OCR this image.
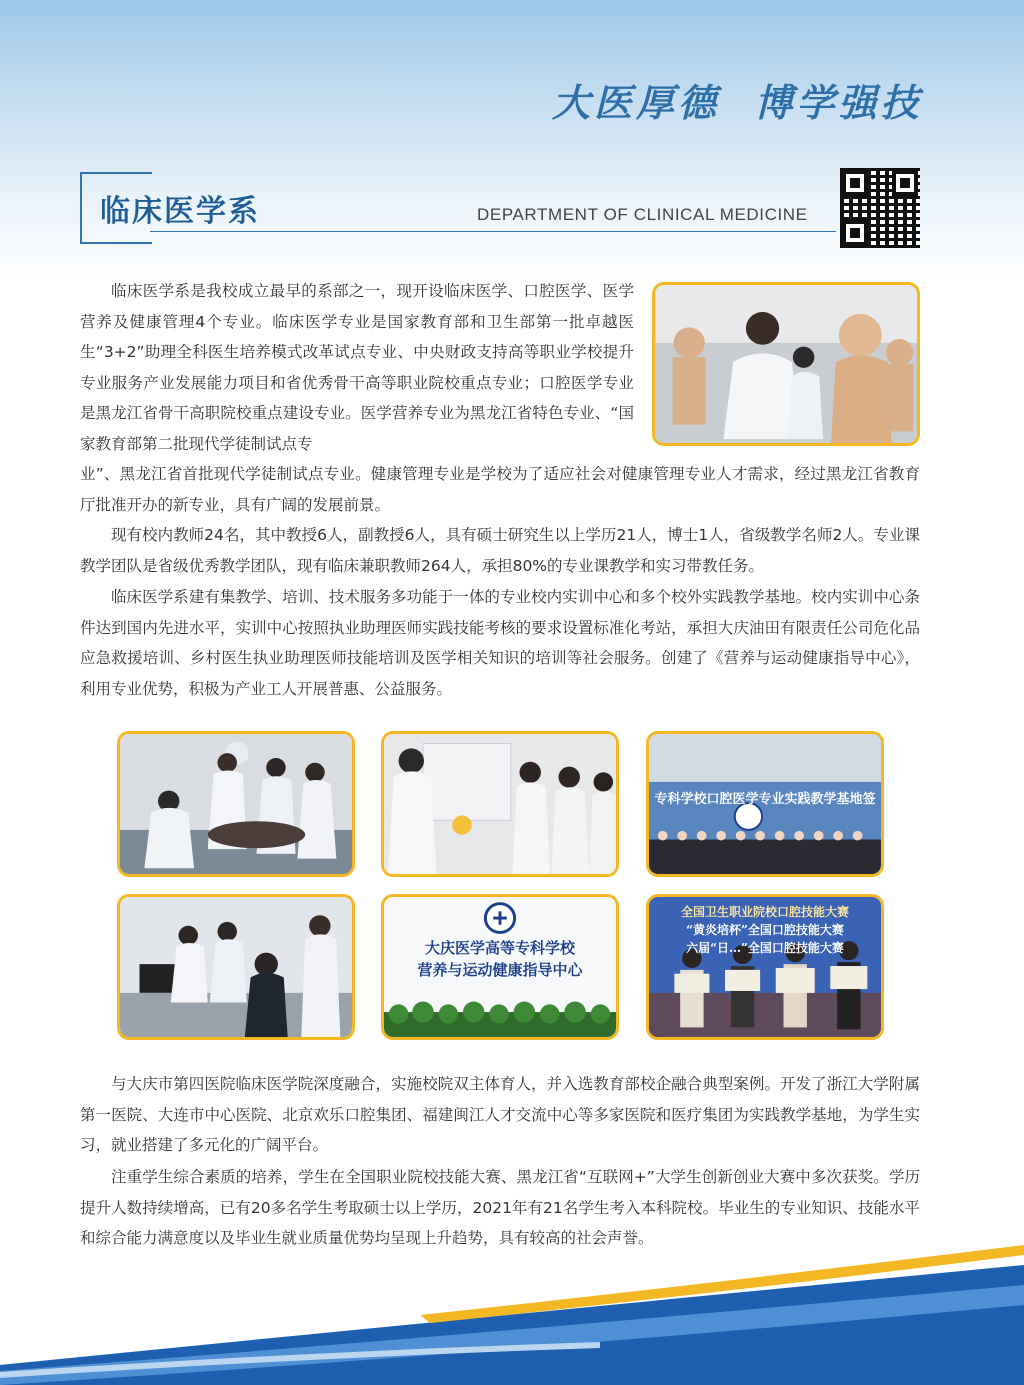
大医厚德  博学强技
临床医学系	DEPARTMENT OF CLINICAL MEDICINE

临床医学系是我校成立最早的系部之一，现开设临床医学、口腔医学、医学营养及健康管理4个专业。临床医学专业是国家教育部和卫生部第一批卓越医生“3+2”助理全科医生培养模式改革试点专业、中央财政支持高等职业学校提升专业服务产业发展能力项目和省优秀骨干高等职业院校重点专业；口腔医学专业是黑龙江省骨干高职院校重点建设专业。医学营养专业为黑龙江省特色专业、“国家教育部第二批现代学徒制试点专

业”、黑龙江省首批现代学徒制试点专业。健康管理专业是学校为了适应社会对健康管理专业人才需求，经过黑龙江省教育厅批准开办的新专业，具有广阔的发展前景。

现有校内教师24名，其中教授6人，副教授6人，具有硕士研究生以上学历21人，博士1人，省级教学名师2人。专业课教学团队是省级优秀教学团队，现有临床兼职教师264人，承担80%的专业课教学和实习带教任务。

临床医学系建有集教学、培训、技术服务多功能于一体的专业校内实训中心和多个校外实践教学基地。校内实训中心条件达到国内先进水平，实训中心按照执业助理医师实践技能考核的要求设置标准化考站，承担大庆油田有限责任公司危化品应急救援培训、乡村医生执业助理医师技能培训及医学相关知识的培训等社会服务。创建了《营养与运动健康指导中心》，利用专业优势，积极为产业工人开展普惠、公益服务。

专科学校口腔医学专业实践教学基地签
大庆医学高等专科学校
营养与运动健康指导中心
全国卫生职业院校口腔技能大赛
“黄炎培杯”全国口腔技能大赛
六届“日…”全国口腔技能大赛

与大庆市第四医院临床医学院深度融合，实施校院双主体育人，并入选教育部校企融合典型案例。开发了浙江大学附属第一医院、大连市中心医院、北京欢乐口腔集团、福建闽江人才交流中心等多家医院和医疗集团为实践教学基地，为学生实习，就业搭建了多元化的广阔平台。

注重学生综合素质的培养，学生在全国职业院校技能大赛、黑龙江省“互联网+”大学生创新创业大赛中多次获奖。学历提升人数持续增高，已有20多名学生考取硕士以上学历，2021年有21名学生考入本科院校。毕业生的专业知识、技能水平和综合能力满意度以及毕业生就业质量优势均呈现上升趋势，具有较高的社会声誉。
